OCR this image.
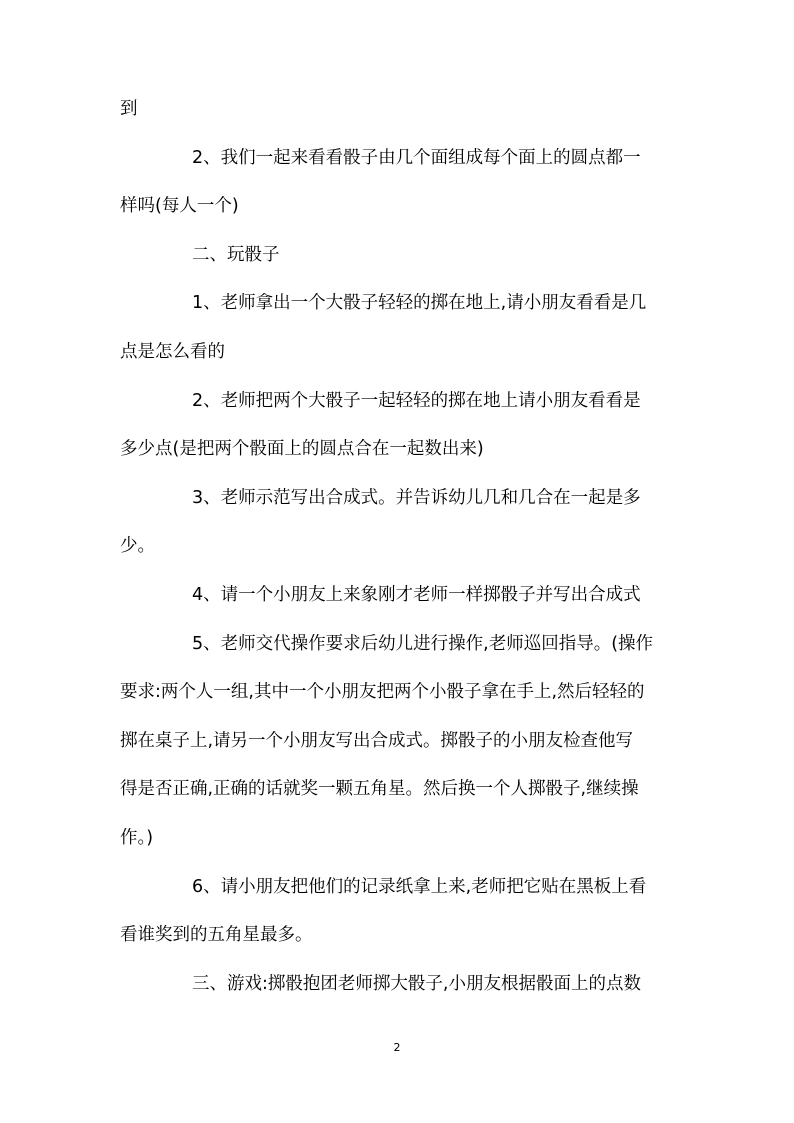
到
2、我们一起来看看骰子由几个面组成每个面上的圆点都一
样吗(每人一个)
二、玩骰子
1、老师拿出一个大骰子轻轻的掷在地上,请小朋友看看是几
点是怎么看的
2、老师把两个大骰子一起轻轻的掷在地上请小朋友看看是
多少点(是把两个骰面上的圆点合在一起数出来)
3、老师示范写出合成式。并告诉幼儿几和几合在一起是多
少。
4、请一个小朋友上来象刚才老师一样掷骰子并写出合成式
5、老师交代操作要求后幼儿进行操作,老师巡回指导。(操作
要求:两个人一组,其中一个小朋友把两个小骰子拿在手上,然后轻轻的
掷在桌子上,请另一个小朋友写出合成式。掷骰子的小朋友检查他写
得是否正确,正确的话就奖一颗五角星。然后换一个人掷骰子,继续操
作。)
6、请小朋友把他们的记录纸拿上来,老师把它贴在黑板上看
看谁奖到的五角星最多。
三、游戏:掷骰抱团老师掷大骰子,小朋友根据骰面上的点数
2
